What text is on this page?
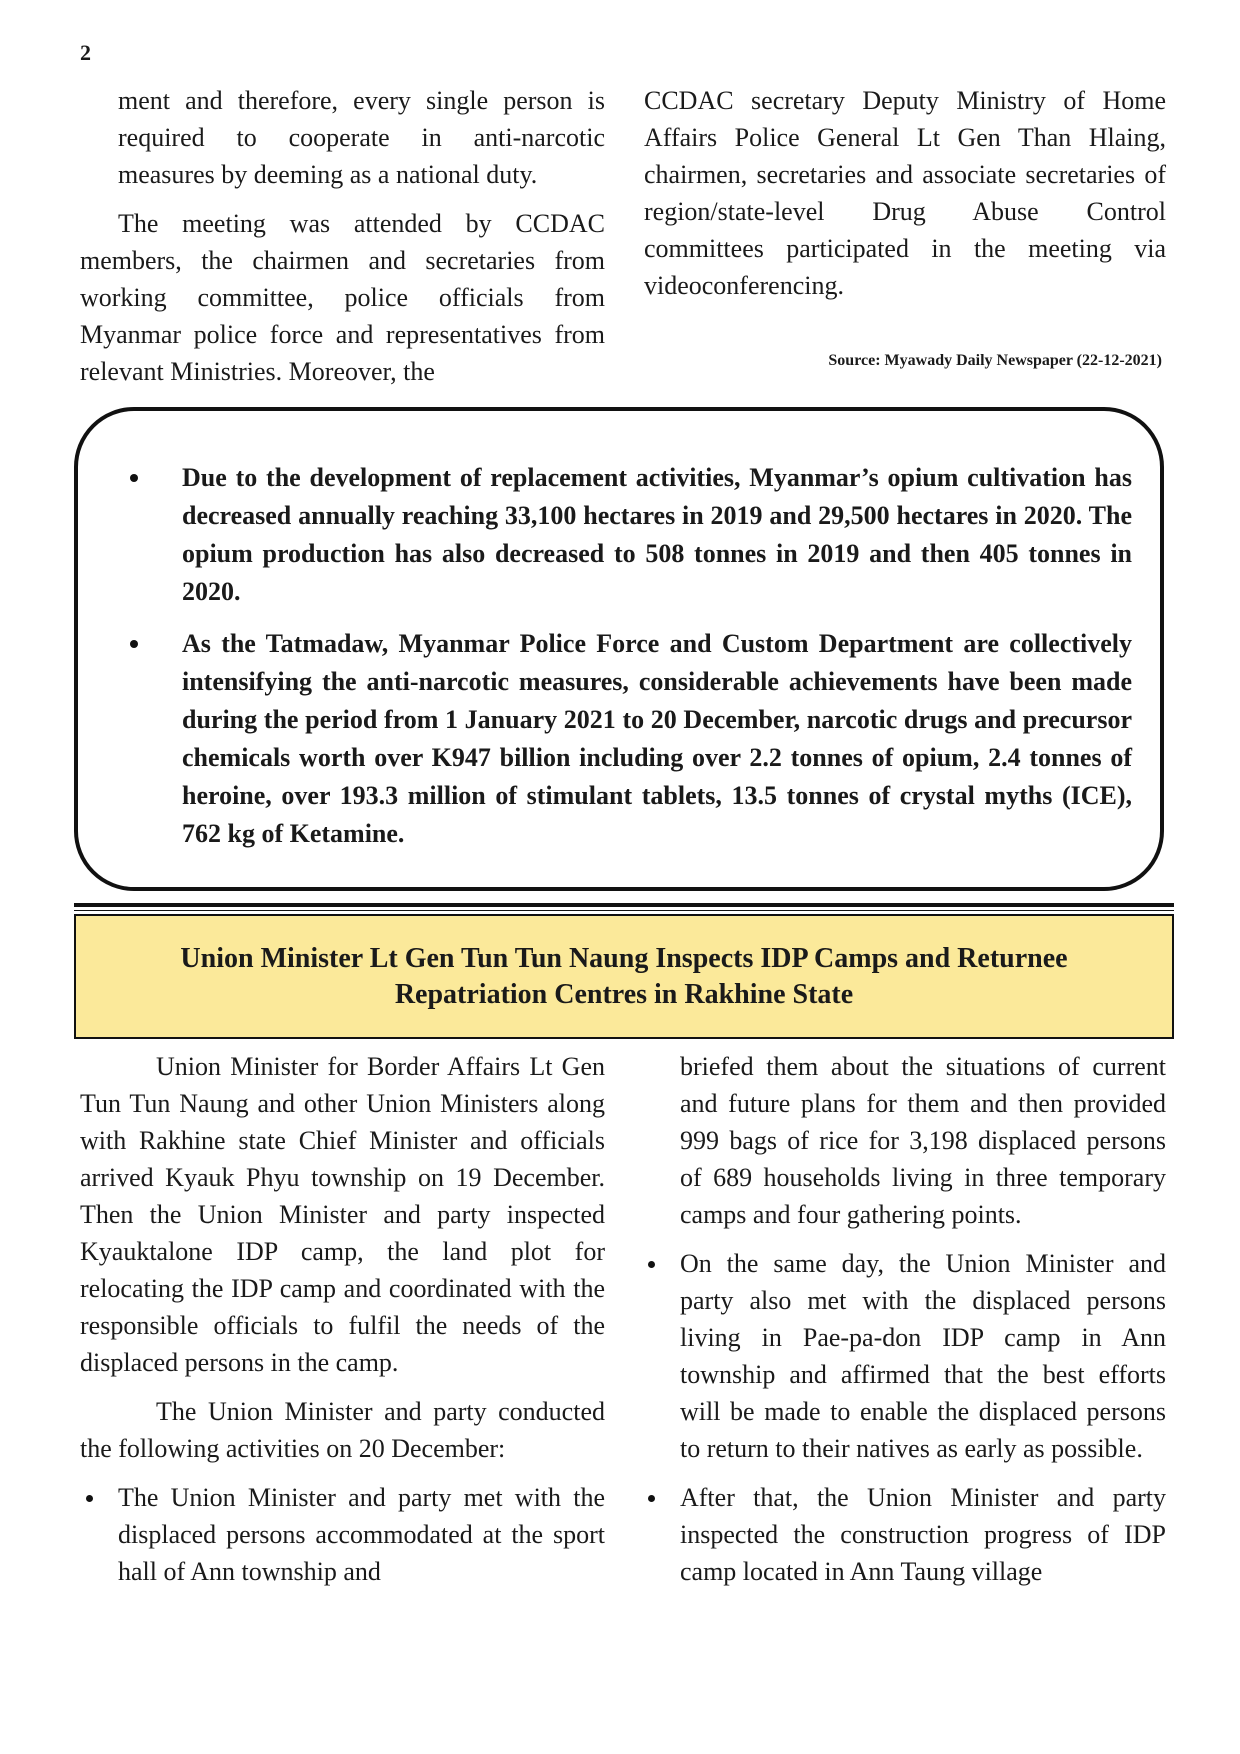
2

ment and therefore, every single person is required to cooperate in anti-narcotic measures by deeming as a national duty.

The meeting was attended by CCDAC members, the chairmen and secretaries from working committee, police officials from Myanmar police force and representatives from relevant Ministries. Moreover, the

CCDAC secretary Deputy Ministry of Home Affairs Police General Lt Gen Than Hlaing, chairmen, secretaries and associate secretaries of region/state-level Drug Abuse Control committees participated in the meeting via videoconferencing.

Source: Myawady Daily Newspaper (22-12-2021)
Due to the development of replacement activities, Myanmar’s opium cultivation has decreased annually reaching 33,100 hectares in 2019 and 29,500 hectares in 2020. The opium production has also decreased to 508 tonnes in 2019 and then 405 tonnes in 2020.
As the Tatmadaw, Myanmar Police Force and Custom Department are collectively intensifying the anti-narcotic measures, considerable achievements have been made during the period from 1 January 2021 to 20 December, narcotic drugs and precursor chemicals worth over K947 billion including over 2.2 tonnes of opium, 2.4 tonnes of heroine, over 193.3 million of stimulant tablets, 13.5 tonnes of crystal myths (ICE), 762 kg of Ketamine.
Union Minister Lt Gen Tun Tun Naung Inspects IDP Camps and Returnee
Repatriation Centres in Rakhine State

Union Minister for Border Affairs Lt Gen Tun Tun Naung and other Union Ministers along with Rakhine state Chief Minister and officials arrived Kyauk Phyu township on 19 December. Then the Union Minister and party inspected Kyauktalone IDP camp, the land plot for relocating the IDP camp and coordinated with the responsible officials to fulfil the needs of the displaced persons in the camp.

The Union Minister and party conducted the following activities on 20 December:

The Union Minister and party met with the displaced persons accommodated at the sport hall of Ann township and

briefed them about the situations of current and future plans for them and then provided 999 bags of rice for 3,198 displaced persons of 689 households living in three temporary camps and four gathering points.

On the same day, the Union Minister and party also met with the displaced persons living in Pae-pa-don IDP camp in Ann township and affirmed that the best efforts will be made to enable the displaced persons to return to their natives as early as possible.
After that, the Union Minister and party inspected the construction progress of IDP camp located in Ann Taung village
